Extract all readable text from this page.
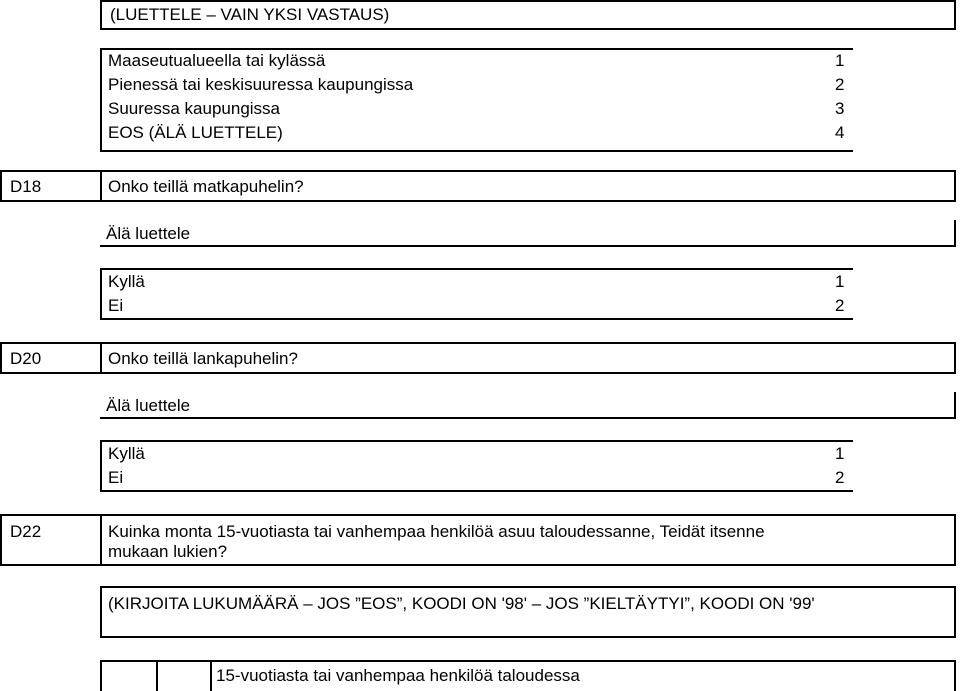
(LUETTELE – VAIN YKSI VASTAUS)
Maaseutualueella tai kylässä	1
Pienessä tai keskisuuressa kaupungissa	2
Suuressa kaupungissa	3
EOS (ÄLÄ LUETTELE)	4
D18	Onko teillä matkapuhelin?
Älä luettele
Kyllä	1
Ei	2
D20	Onko teillä lankapuhelin?
Älä luettele
Kyllä	1
Ei	2
D22	Kuinka monta 15-vuotiasta tai vanhempaa henkilöä asuu taloudessanne, Teidät itsenne
mukaan lukien?
(KIRJOITA LUKUMÄÄRÄ – JOS ”EOS”, KOODI ON '98' – JOS ”KIELTÄYTYI”, KOODI ON '99'
15-vuotiasta tai vanhempaa henkilöä taloudessa
